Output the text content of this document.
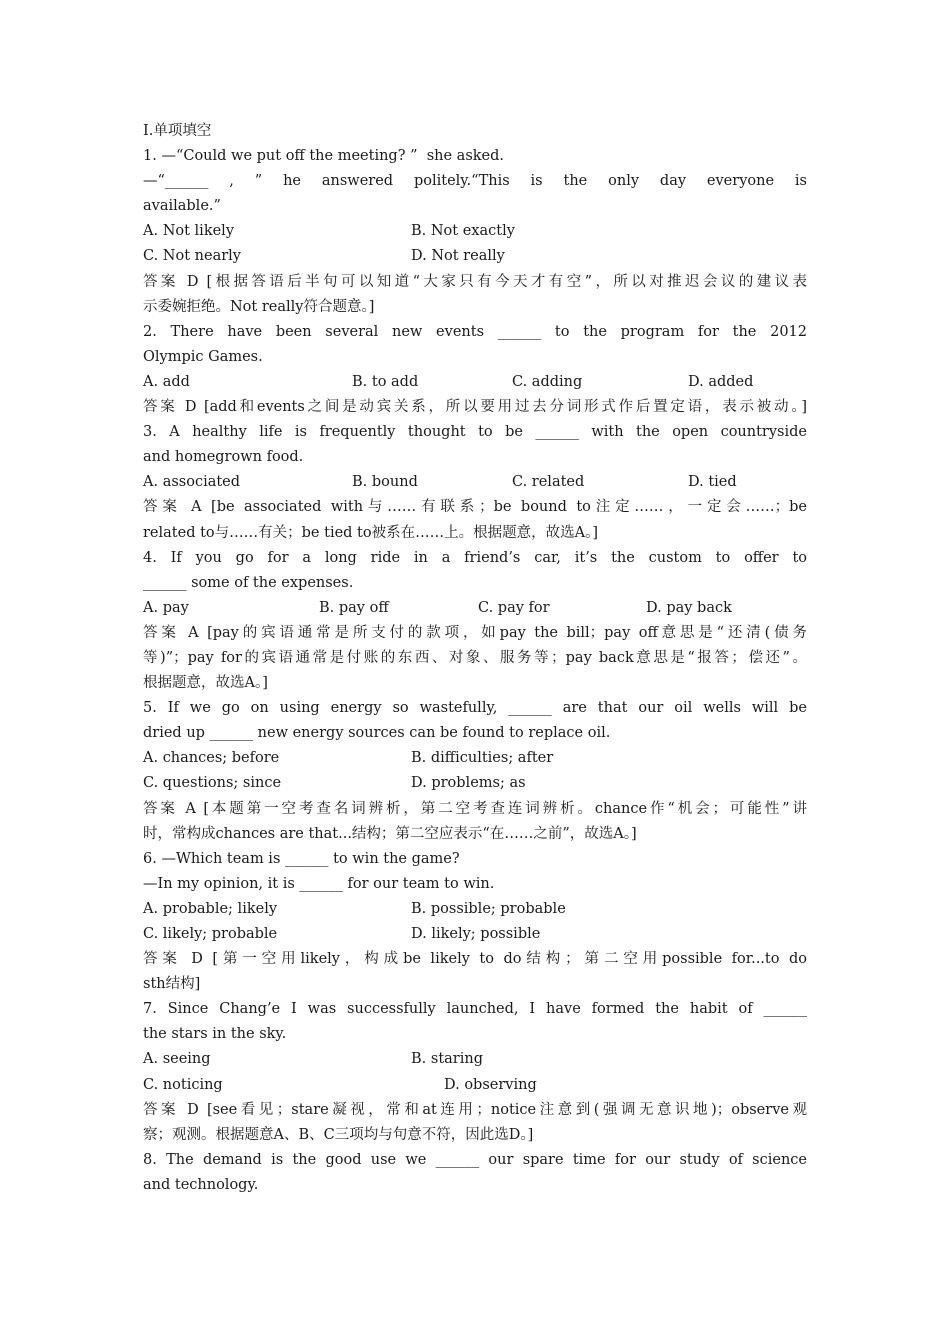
Ⅰ.单项填空
1. —“Could we put off the meeting? ”  she asked.
—“______ , ” he answered politely.“This is the only day everyone is
available.”
A. Not likely	B. Not exactly
C. Not nearly	D. Not really
答案 D [根据答语后半句可以知道“大家只有今天才有空”，所以对推迟会议的建议表
示委婉拒绝。Not really符合题意。]
2. There have been several new events ______ to the program for the 2012
Olympic Games.
A. add	B. to add	C. adding	D. added
答案 D [add和events之间是动宾关系，所以要用过去分词形式作后置定语，表示被动。]
3. A healthy life is frequently thought to be ______ with the open countryside
and homegrown food.
A. associated	B. bound	C. related	D. tied
答案 A [be associated with与……有联系；be bound to注定……，一定会……；be
related to与……有关；be tied to被系在……上。根据题意，故选A。]
4. If you go for a long ride in a friend’s car, it’s the custom to offer to
______ some of the expenses.
A. pay	B. pay off	C. pay for	D. pay back
答案 A [pay的宾语通常是所支付的款项，如pay the bill；pay off意思是“还清(债务
等)”；pay for的宾语通常是付账的东西、对象、服务等；pay back意思是“报答；偿还”。
根据题意，故选A。]
5. If we go on using energy so wastefully, ______ are that our oil wells will be
dried up ______ new energy sources can be found to replace oil.
A. chances; before	B. difficulties; after
C. questions; since	D. problems; as
答案 A [本题第一空考查名词辨析，第二空考查连词辨析。chance作“机会；可能性”讲
时，常构成chances are that...结构；第二空应表示“在……之前”，故选A。]
6. —Which team is ______ to win the game?
—In my opinion, it is ______ for our team to win.
A. probable; likely	B. possible; probable
C. likely; probable	D. likely; possible
答案 D [第一空用likely，构成be likely to do结构；第二空用possible for...to do
sth结构]
7. Since Chang’e I was successfully launched, I have formed the habit of ______
the stars in the sky.
A. seeing	B. staring
C. noticing	D. observing
答案 D [see看见；stare凝视，常和at连用；notice注意到(强调无意识地)；observe观
察；观测。根据题意A、B、C三项均与句意不符，因此选D。]
8. The demand is the good use we ______ our spare time for our study of science
and technology.
